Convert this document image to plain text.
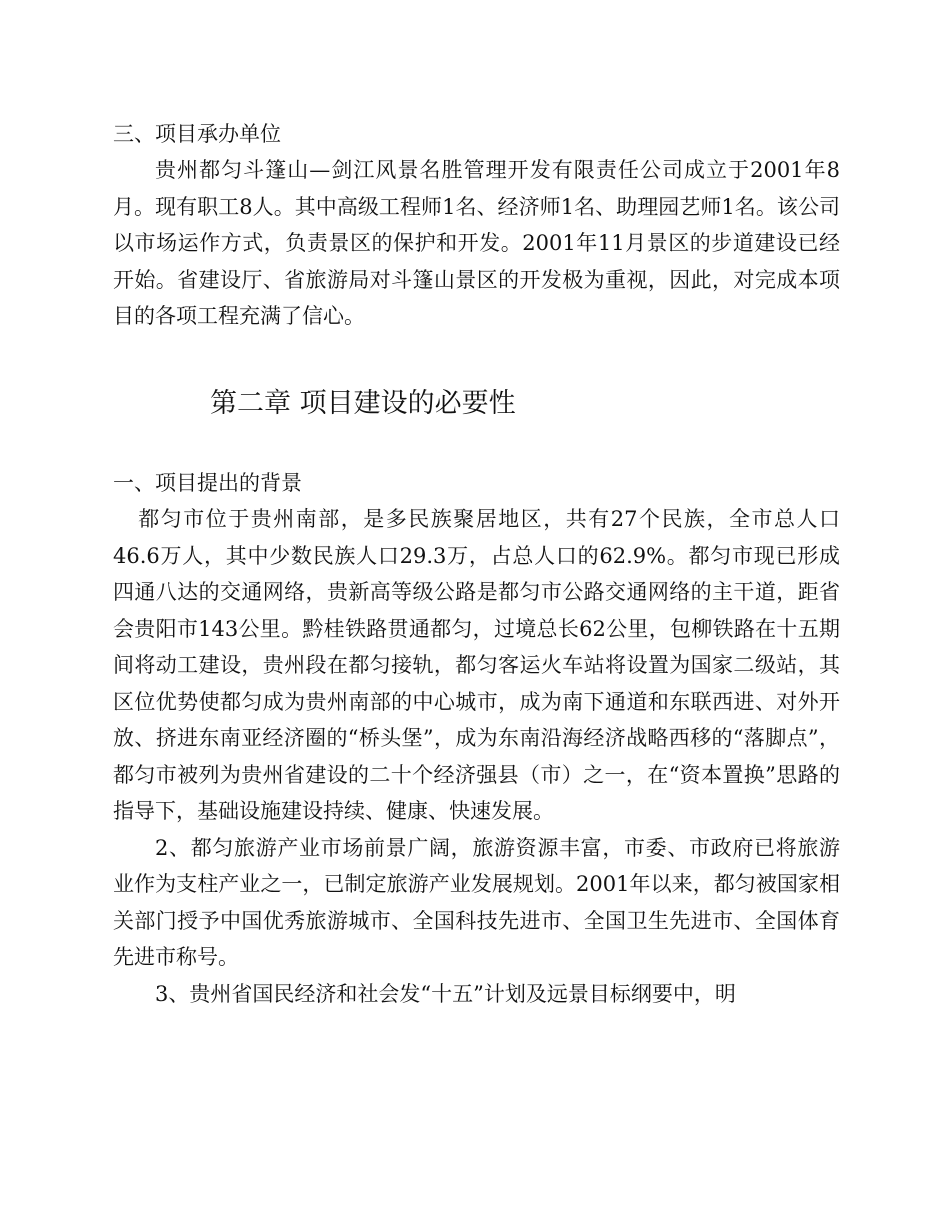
三、项目承办单位

贵州都匀斗篷山—剑江风景名胜管理开发有限责任公司成立于2001年8月。现有职工8人。其中高级工程师1名、经济师1名、助理园艺师1名。该公司以市场运作方式，负责景区的保护和开发。2001年11月景区的步道建设已经开始。省建设厅、省旅游局对斗篷山景区的开发极为重视，因此，对完成本项目的各项工程充满了信心。

第二章 项目建设的必要性

一、项目提出的背景

都匀市位于贵州南部，是多民族聚居地区，共有27个民族，全市总人口46.6万人，其中少数民族人口29.3万，占总人口的62.9%。都匀市现已形成四通八达的交通网络，贵新高等级公路是都匀市公路交通网络的主干道，距省会贵阳市143公里。黔桂铁路贯通都匀，过境总长62公里，包柳铁路在十五期间将动工建设，贵州段在都匀接轨，都匀客运火车站将设置为国家二级站，其区位优势使都匀成为贵州南部的中心城市，成为南下通道和东联西进、对外开放、挤进东南亚经济圈的“桥头堡”，成为东南沿海经济战略西移的“落脚点”，都匀市被列为贵州省建设的二十个经济强县（市）之一，在“资本置换”思路的指导下，基础设施建设持续、健康、快速发展。

2、都匀旅游产业市场前景广阔，旅游资源丰富，市委、市政府已将旅游业作为支柱产业之一，已制定旅游产业发展规划。2001年以来，都匀被国家相关部门授予中国优秀旅游城市、全国科技先进市、全国卫生先进市、全国体育先进市称号。

3、贵州省国民经济和社会发“十五”计划及远景目标纲要中，明
